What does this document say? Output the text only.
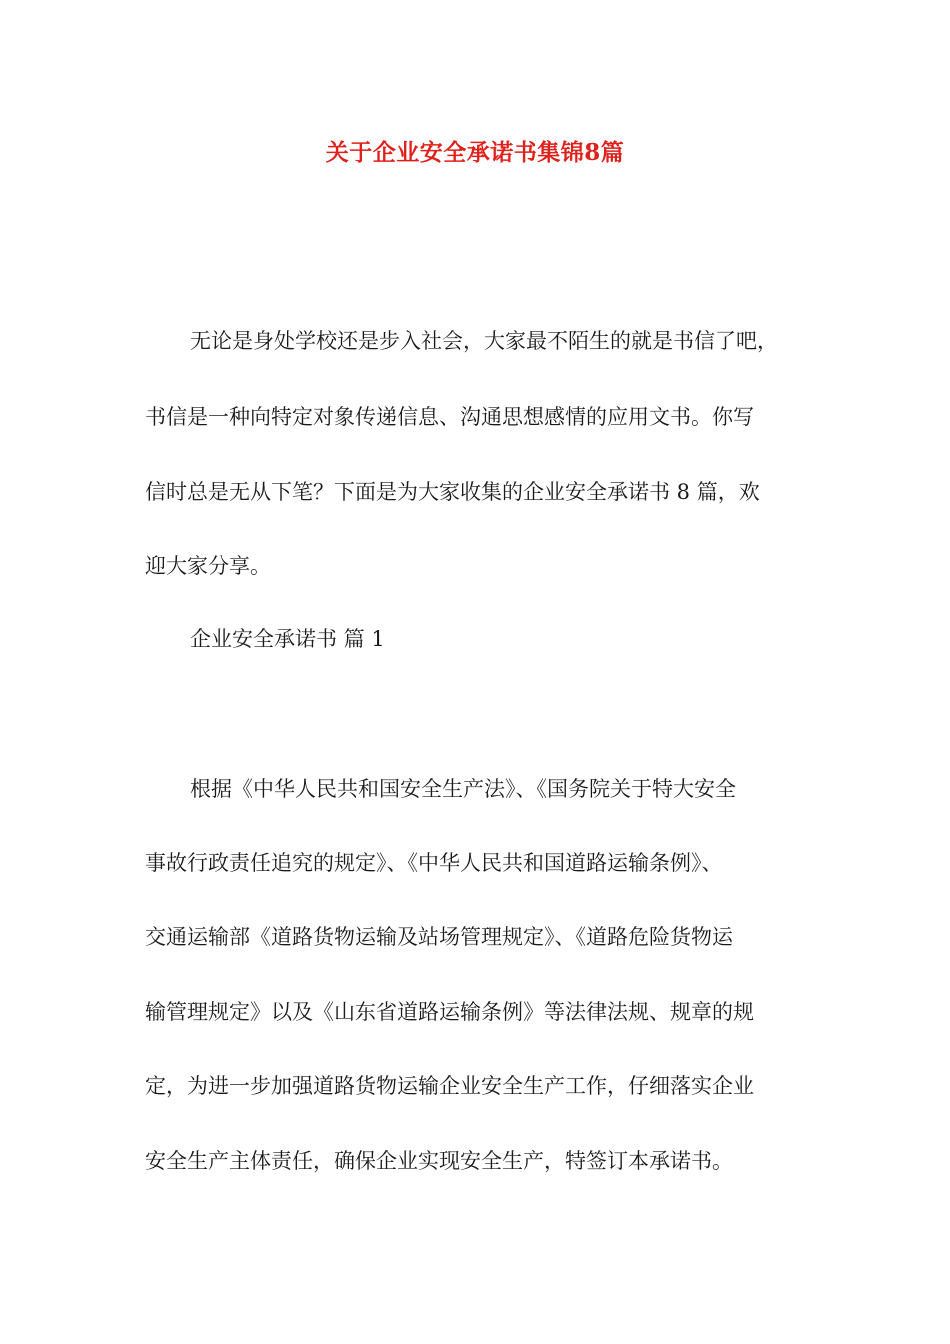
关于企业安全承诺书集锦8篇
无论是身处学校还是步入社会，大家最不陌生的就是书信了吧，
书信是一种向特定对象传递信息、沟通思想感情的应用文书。你写
信时总是无从下笔？下面是为大家收集的企业安全承诺书 8 篇，欢
迎大家分享。
企业安全承诺书 篇 1
根据《中华人民共和国安全生产法》、《国务院关于特大安全
事故行政责任追究的规定》、《中华人民共和国道路运输条例》、
交通运输部《道路货物运输及站场管理规定》、《道路危险货物运
输管理规定》以及《山东省道路运输条例》等法律法规、规章的规
定，为进一步加强道路货物运输企业安全生产工作，仔细落实企业
安全生产主体责任，确保企业实现安全生产，特签订本承诺书。
